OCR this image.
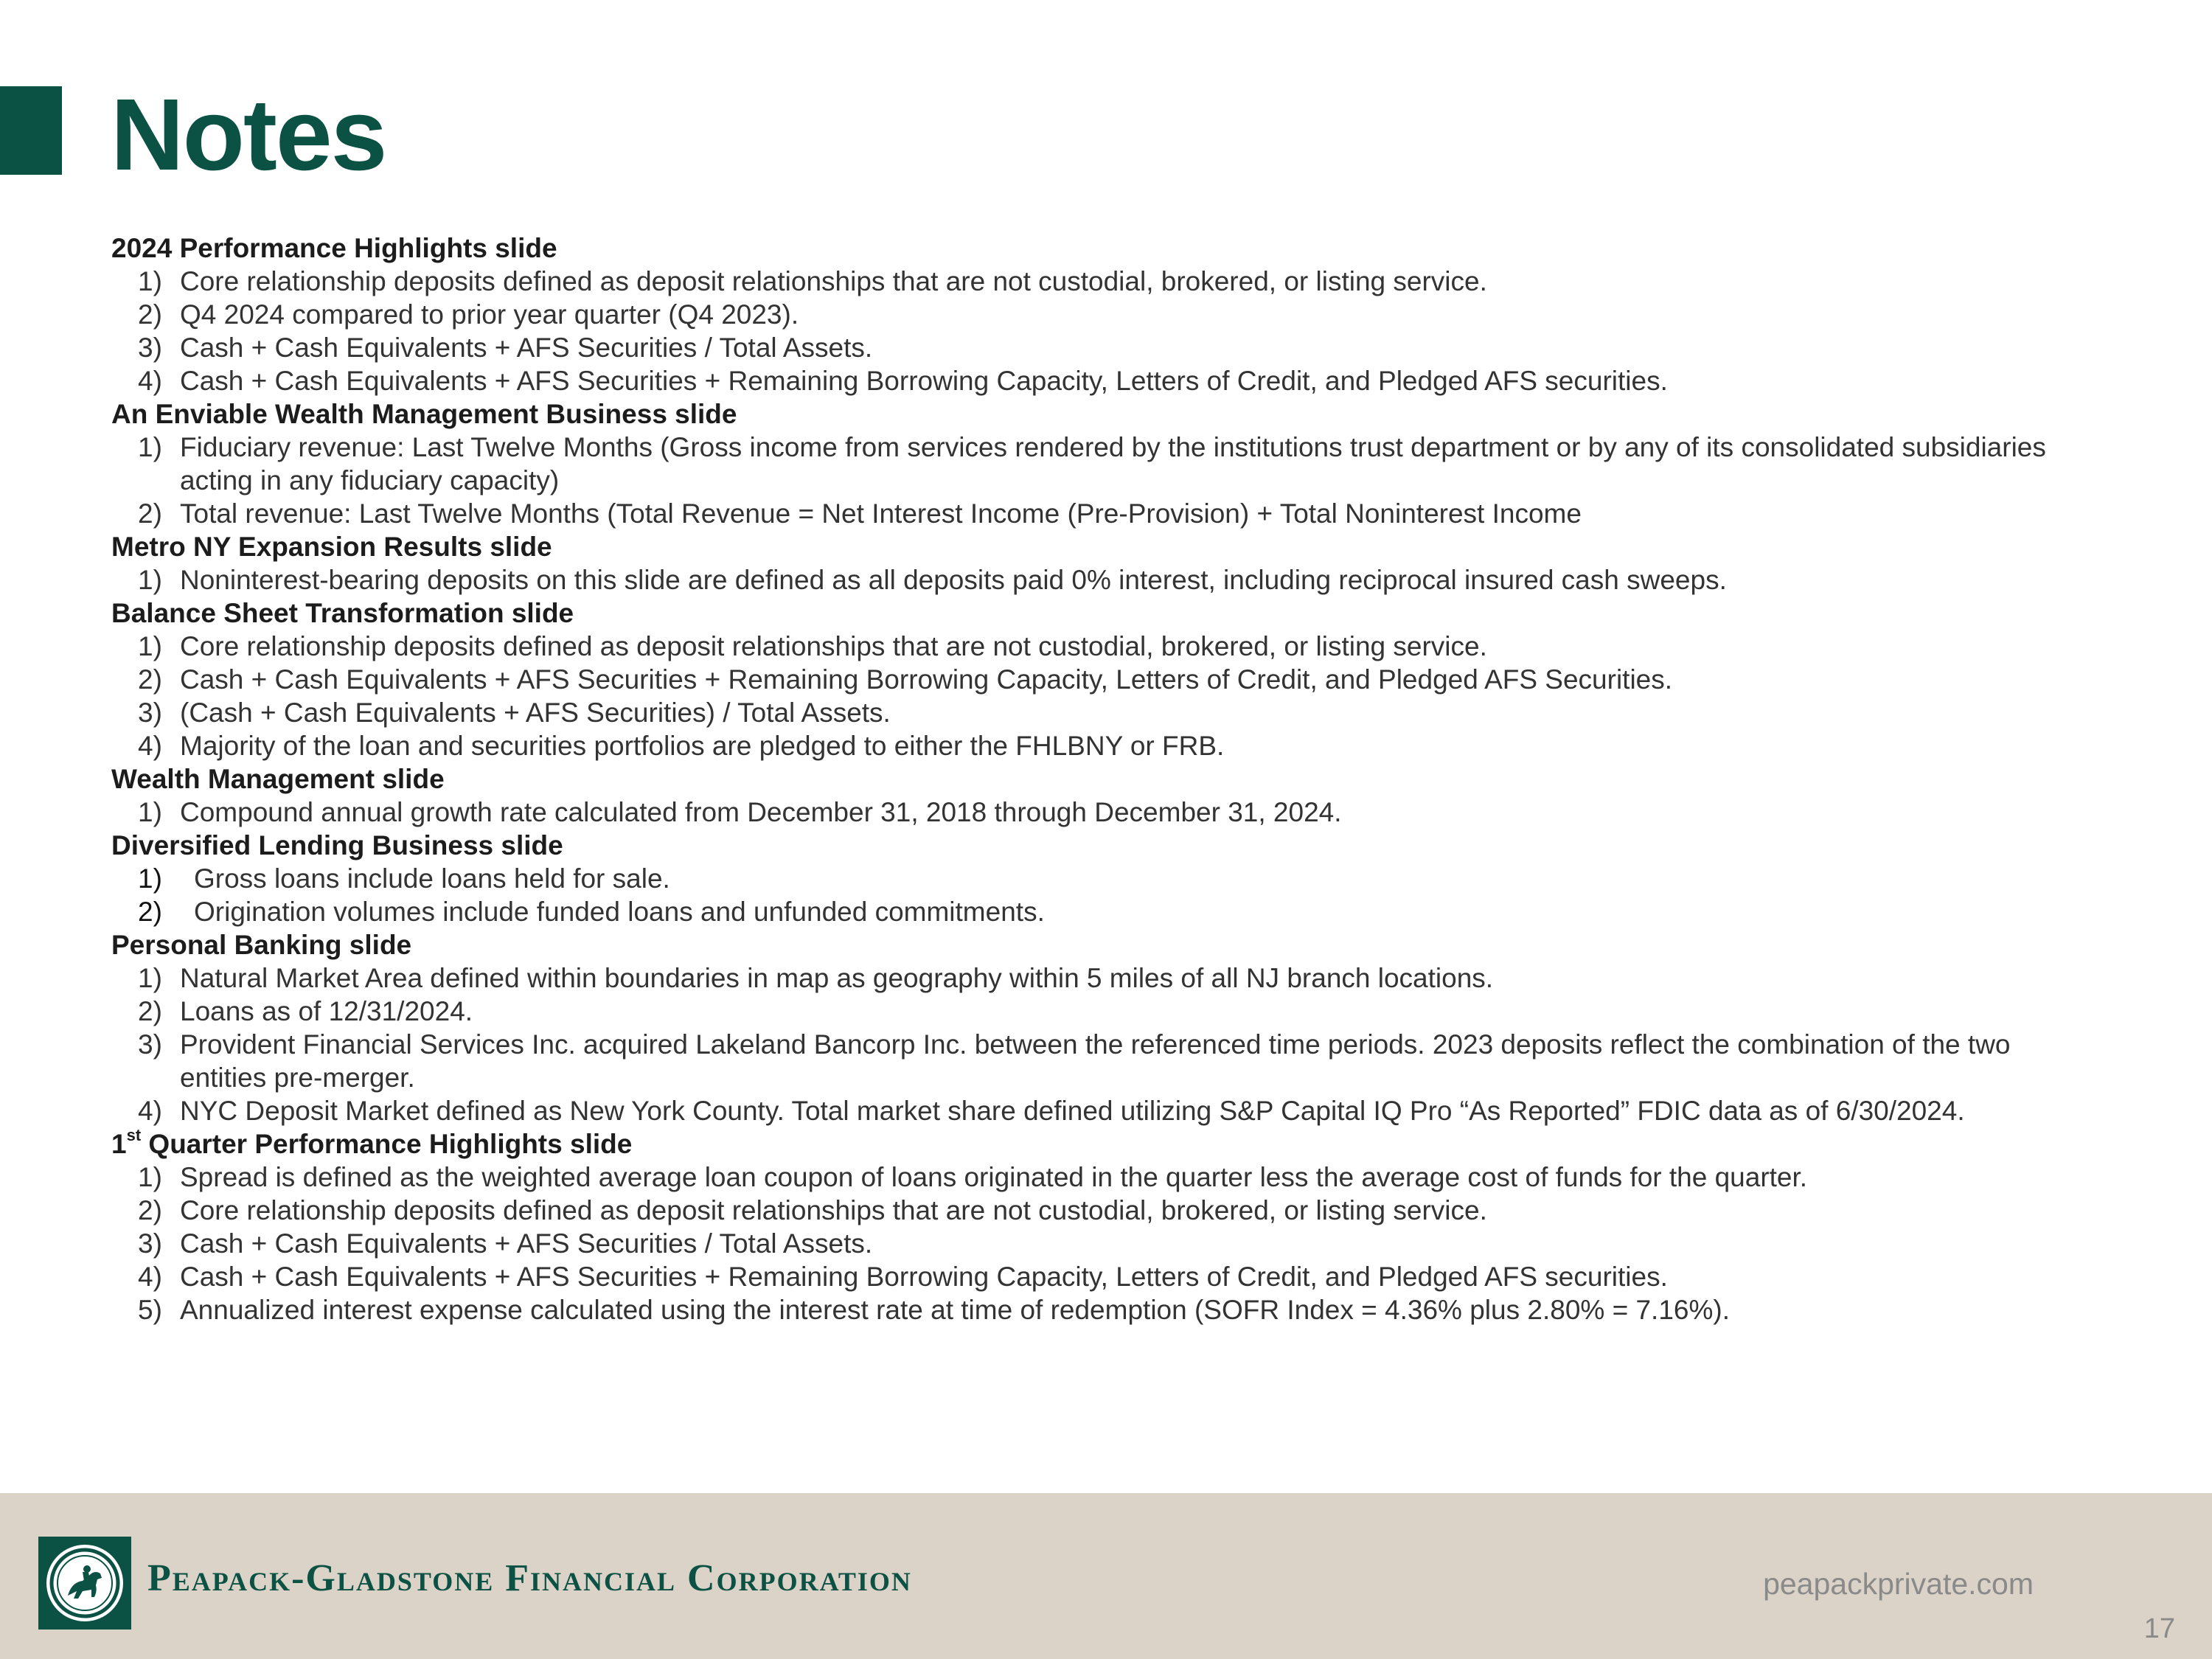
Notes
2024 Performance Highlights slide
1) Core relationship deposits defined as deposit relationships that are not custodial, brokered, or listing service.
2) Q4 2024 compared to prior year quarter (Q4 2023).
3) Cash + Cash Equivalents + AFS Securities / Total Assets.
4) Cash + Cash Equivalents + AFS Securities + Remaining Borrowing Capacity, Letters of Credit, and Pledged AFS securities.
An Enviable Wealth Management Business slide
1) Fiduciary revenue: Last Twelve Months (Gross income from services rendered by the institutions trust department or by any of its consolidated subsidiaries acting in any fiduciary capacity)
2) Total revenue: Last Twelve Months (Total Revenue = Net Interest Income (Pre-Provision) + Total Noninterest Income
Metro NY Expansion Results slide
1) Noninterest-bearing deposits on this slide are defined as all deposits paid 0% interest, including reciprocal insured cash sweeps.
Balance Sheet Transformation slide
1) Core relationship deposits defined as deposit relationships that are not custodial, brokered, or listing service.
2) Cash + Cash Equivalents + AFS Securities + Remaining Borrowing Capacity, Letters of Credit, and Pledged AFS Securities.
3) (Cash + Cash Equivalents + AFS Securities) / Total Assets.
4) Majority of the loan and securities portfolios are pledged to either the FHLBNY or FRB.
Wealth Management slide
1) Compound annual growth rate calculated from December 31, 2018 through December 31, 2024.
Diversified Lending Business slide
1)	Gross loans include loans held for sale.
2)	Origination volumes include funded loans and unfunded commitments.
Personal Banking slide
1) Natural Market Area defined within boundaries in map as geography within 5 miles of all NJ branch locations.
2) Loans as of 12/31/2024.
3) Provident Financial Services Inc. acquired Lakeland Bancorp Inc. between the referenced time periods. 2023 deposits reflect the combination of the two entities pre-merger.
4) NYC Deposit Market defined as New York County. Total market share defined utilizing S&P Capital IQ Pro “As Reported” FDIC data as of 6/30/2024.
1st Quarter Performance Highlights slide
1) Spread is defined as the weighted average loan coupon of loans originated in the quarter less the average cost of funds for the quarter.
2) Core relationship deposits defined as deposit relationships that are not custodial, brokered, or listing service.
3) Cash + Cash Equivalents + AFS Securities / Total Assets.
4) Cash + Cash Equivalents + AFS Securities + Remaining Borrowing Capacity, Letters of Credit, and Pledged AFS securities.
5) Annualized interest expense calculated using the interest rate at time of redemption (SOFR Index = 4.36% plus 2.80% = 7.16%).
Peapack-Gladstone Financial Corporation	peapackprivate.com
17
